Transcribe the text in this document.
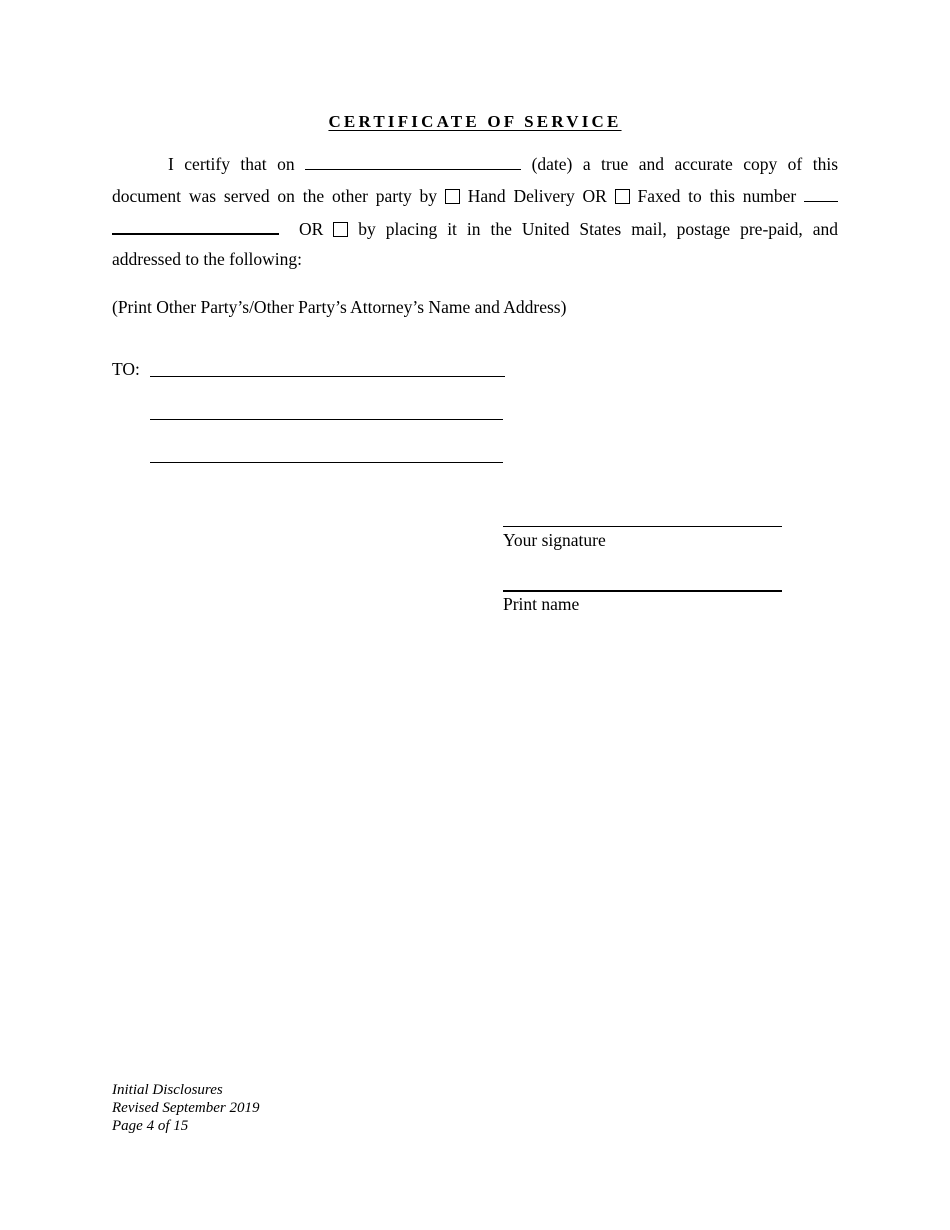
CERTIFICATE OF SERVICE
I certify that on	(date) a true and accurate copy of this
document was served on the other party by Hand Delivery OR Faxed to this number
OR by placing it in the United States mail, postage pre-paid, and
addressed to the following:
(Print Other Party’s/Other Party’s Attorney’s Name and Address)
TO:
Your signature
Print name
Initial Disclosures
Revised September 2019
Page 4 of 15
